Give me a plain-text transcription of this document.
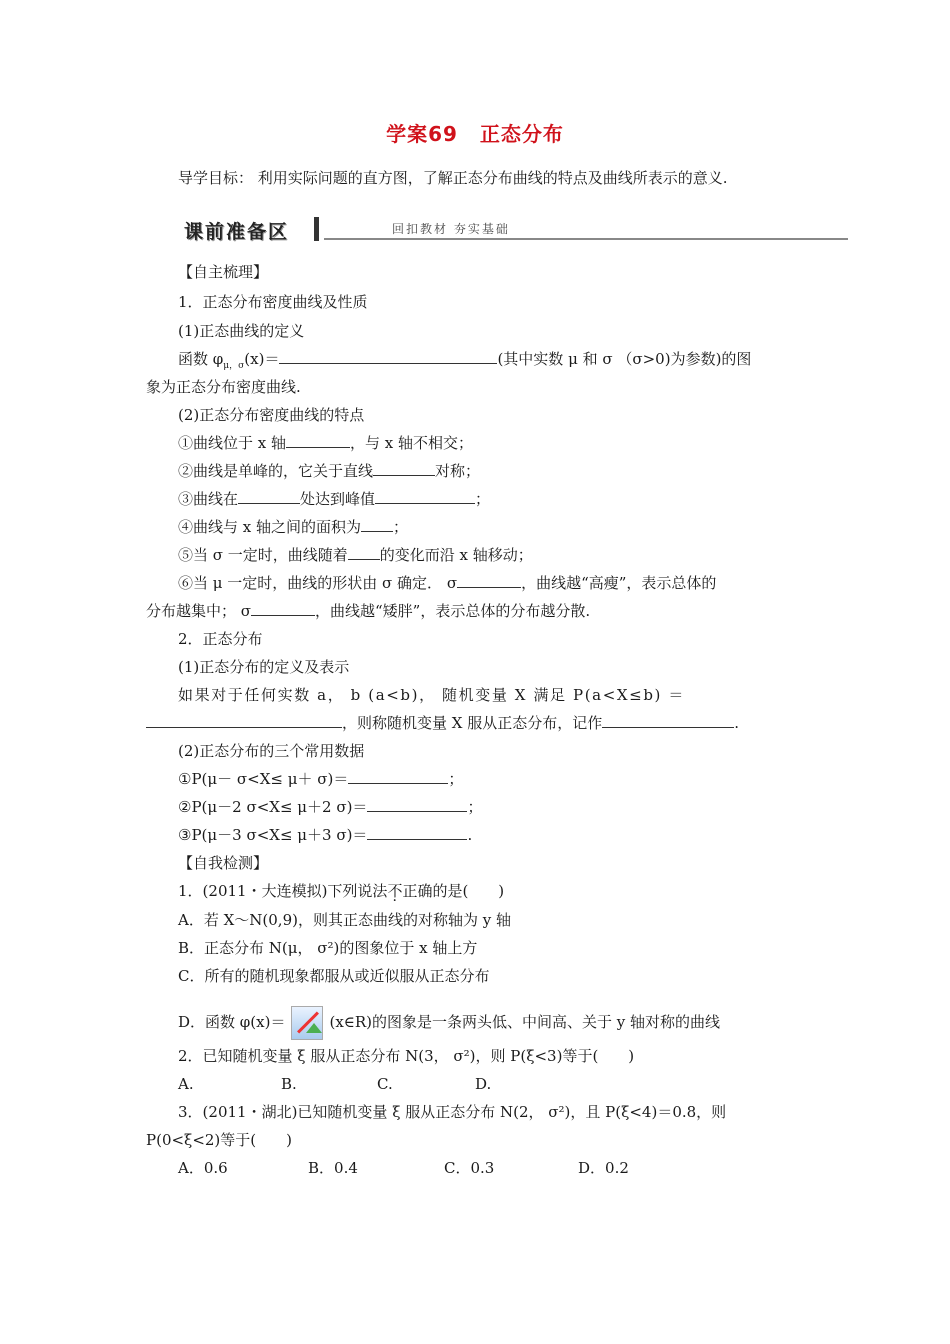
学案69 正态分布
导学目标： 利用实际问题的直方图，了解正态分布曲线的特点及曲线所表示的意义.
课前准备区	回扣教材 夯实基础
【自主梳理】
1．正态分布密度曲线及性质
(1)正态曲线的定义
函数 $\varphi_{\mu,\sigma}(x)=$	(其中实数 μ 和 σ （σ>0)为参数)的图
象为正态分布密度曲线.
(2)正态分布密度曲线的特点
①曲线位于 x 轴	，与 x 轴不相交；
②曲线是单峰的，它关于直线	对称；
③曲线在	处达到峰值	；
④曲线与 x 轴之间的面积为 ；
⑤当 σ 一定时，曲线随着 的变化而沿 x 轴移动；
⑥当 μ 一定时，曲线的形状由 σ 确定． σ	，曲线越“高瘦”，表示总体的
分布越集中； σ	，曲线越“矮胖”，表示总体的分布越分散.
2．正态分布
(1)正态分布的定义及表示
如果对于任何实数 a， b (a<b)， 随机变量 X 满足 P(a<X≤b) ＝
，则称随机变量 X 服从正态分布，记作	.
(2)正态分布的三个常用数据
①P(μ－ σ<X≤ μ＋ σ)＝	；
②P(μ－2 σ<X≤ μ＋2 σ)＝	；
③P(μ－3 σ<X≤ μ＋3 σ)＝	.
【自我检测】
1．(2011・大连模拟)下列说法不正确的是(　　)
A．若 X～N(0,9)，则其正态曲线的对称轴为 y 轴
B．正态分布 N(μ， σ²)的图象位于 x 轴上方
C．所有的随机现象都服从或近似服从正态分布
D．函数 φ(x)＝	(x∈R)的图象是一条两头低、中间高、关于 y 轴对称的曲线
2．已知随机变量 ξ 服从正态分布 N(3， σ²)，则 P(ξ<3)等于(　　)
A.	B.	C.	D.
3．(2011・湖北)已知随机变量 ξ 服从正态分布 N(2， σ²)，且 P(ξ<4)＝0.8，则
P(0<ξ<2)等于(　　)
A．0.6	B．0.4	C．0.3	D．0.2
